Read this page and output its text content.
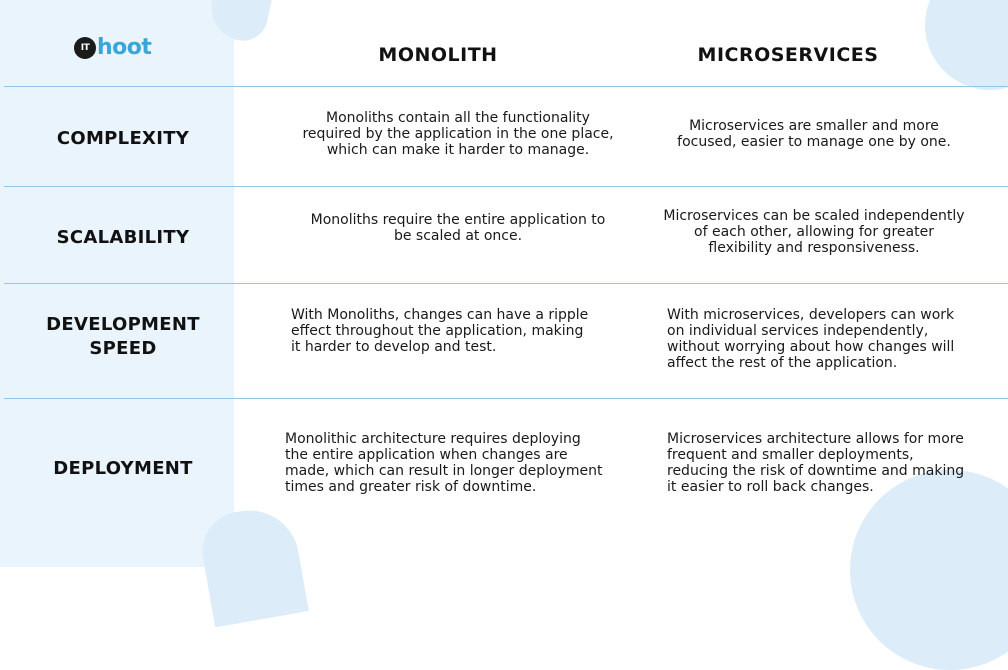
IT hoot	MONOLITH	MICROSERVICES
COMPLEXITY
Monoliths contain all the functionality
required by the application in the one place,
which can make it harder to manage.
Microservices are smaller and more
focused, easier to manage one by one.
SCALABILITY
Monoliths require the entire application to
be scaled at once.
Microservices can be scaled independently
of each other, allowing for greater
flexibility and responsiveness.
DEVELOPMENT
SPEED
With Monoliths, changes can have a ripple
effect throughout the application, making
it harder to develop and test.
With microservices, developers can work
on individual services independently,
without worrying about how changes will
affect the rest of the application.
DEPLOYMENT
Monolithic architecture requires deploying
the entire application when changes are
made, which can result in longer deployment
times and greater risk of downtime.
Microservices architecture allows for more
frequent and smaller deployments,
reducing the risk of downtime and making
it easier to roll back changes.
